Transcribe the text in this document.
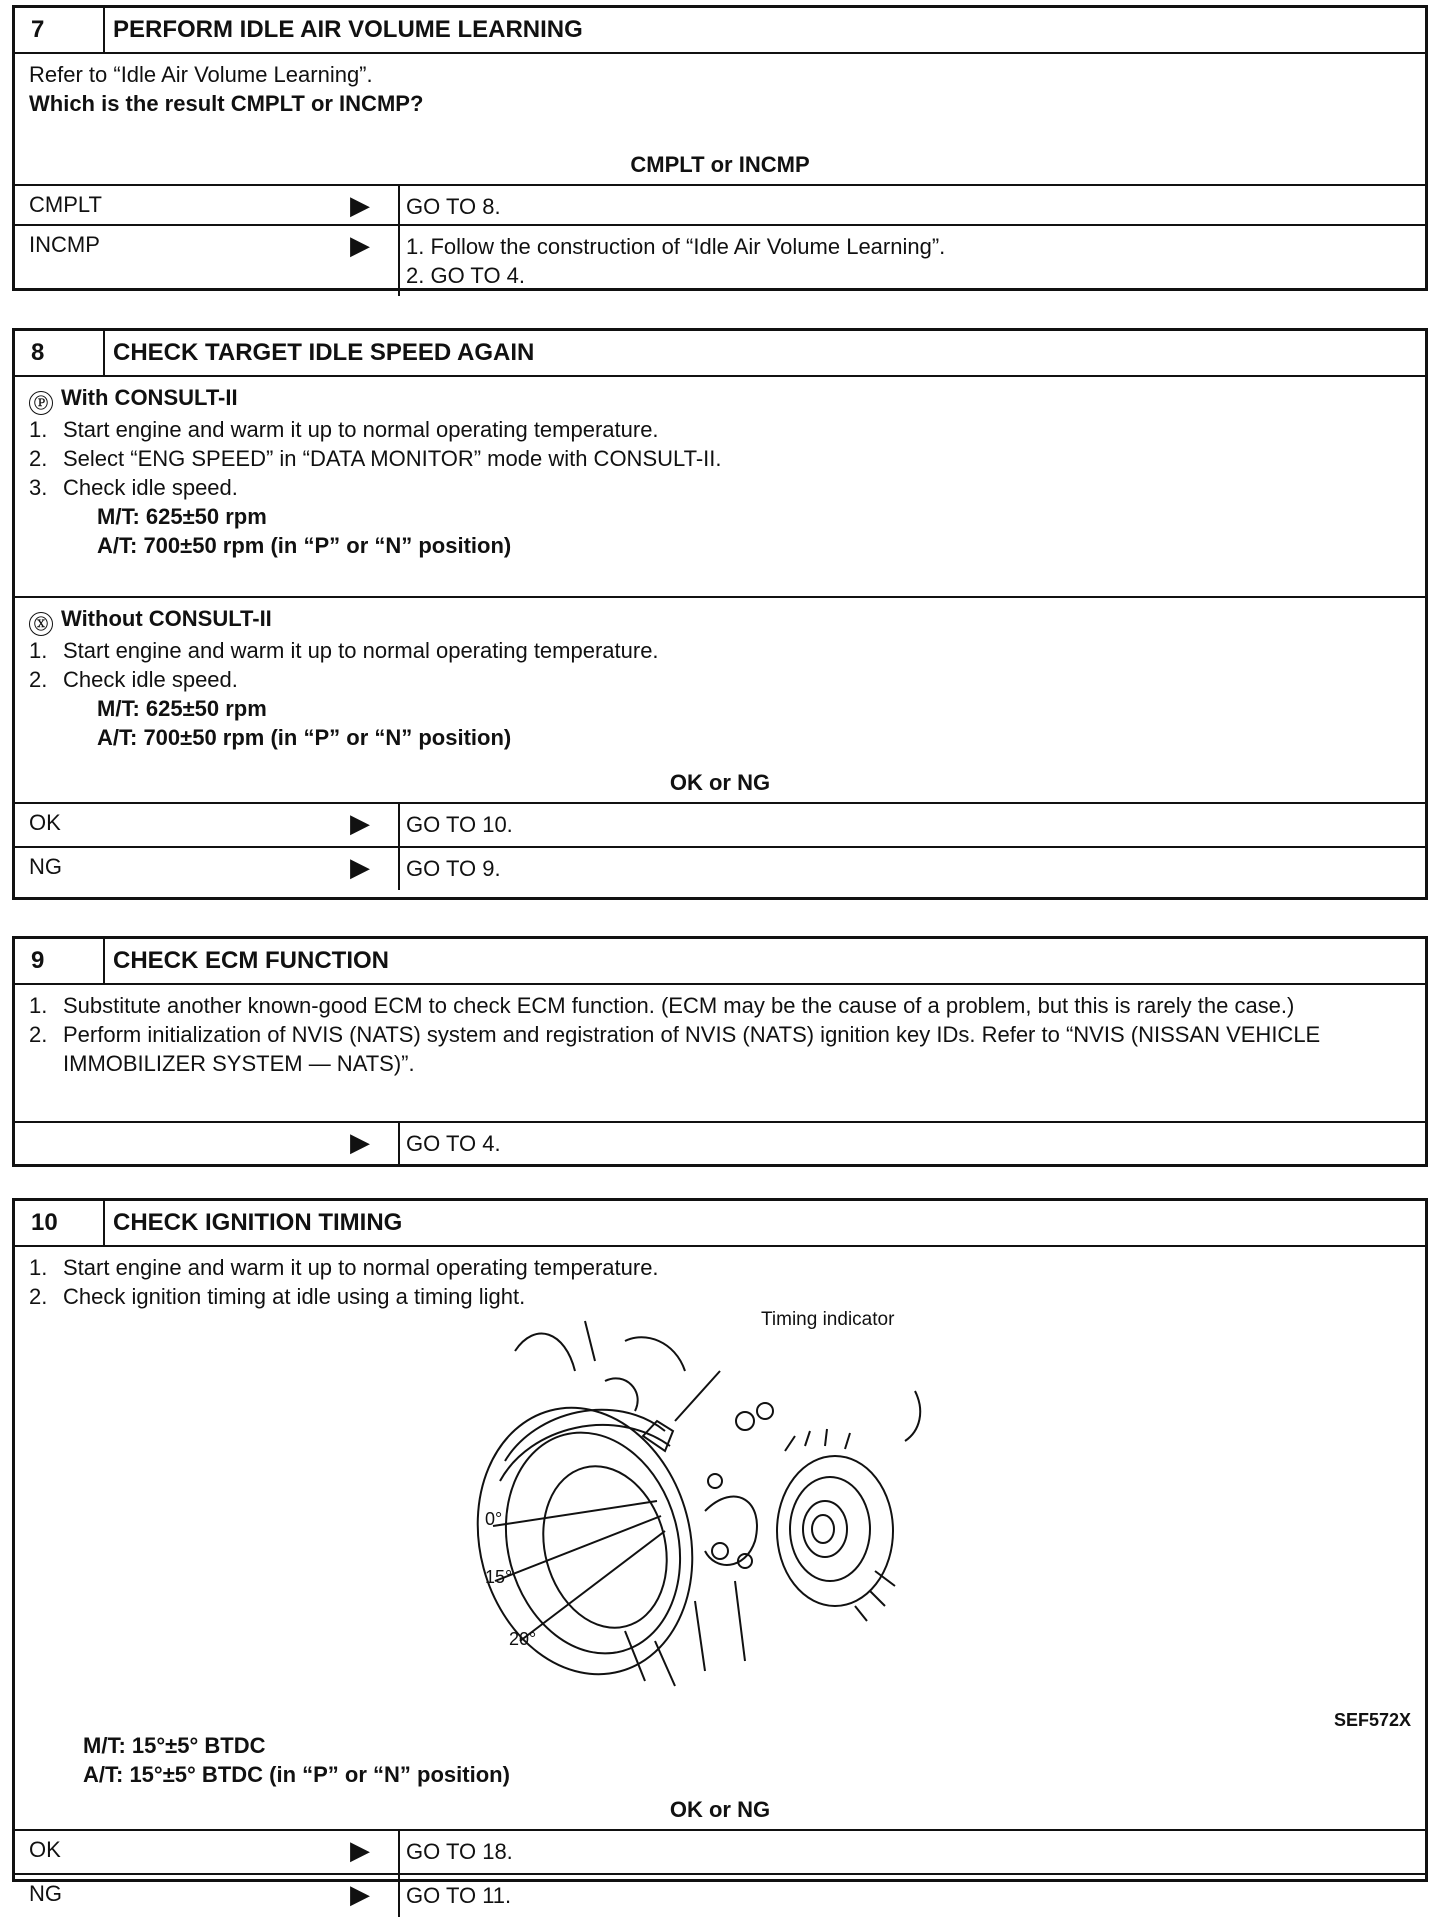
7	PERFORM IDLE AIR VOLUME LEARNING
Refer to “Idle Air Volume Learning”.
Which is the result CMPLT or INCMP?
CMPLT or INCMP
CMPLT	▶ GO TO 8.
INCMP	▶ 1. Follow the construction of “Idle Air Volume Learning”.
2. GO TO 4.
8	CHECK TARGET IDLE SPEED AGAIN
Ⓟ With CONSULT-II
1. Start engine and warm it up to normal operating temperature.
2. Select “ENG SPEED” in “DATA MONITOR” mode with CONSULT-II.
3. Check idle speed.
M/T: 625±50 rpm
A/T: 700±50 rpm (in “P” or “N” position)
Ⓧ Without CONSULT-II
1. Start engine and warm it up to normal operating temperature.
2. Check idle speed.
M/T: 625±50 rpm
A/T: 700±50 rpm (in “P” or “N” position)
OK or NG
OK	▶ GO TO 10.
NG	▶ GO TO 9.
9	CHECK ECM FUNCTION
1. Substitute another known-good ECM to check ECM function. (ECM may be the cause of a problem, but this is rarely the case.)
2. Perform initialization of NVIS (NATS) system and registration of NVIS (NATS) ignition key IDs. Refer to “NVIS (NISSAN VEHICLE IMMOBILIZER SYSTEM — NATS)”.
▶ GO TO 4.
10	CHECK IGNITION TIMING
1. Start engine and warm it up to normal operating temperature.
2. Check ignition timing at idle using a timing light.
Timing indicator
0°
15°
20°
SEF572X
M/T: 15°±5° BTDC
A/T: 15°±5° BTDC (in “P” or “N” position)
OK or NG
OK	▶ GO TO 18.
NG	▶ GO TO 11.
